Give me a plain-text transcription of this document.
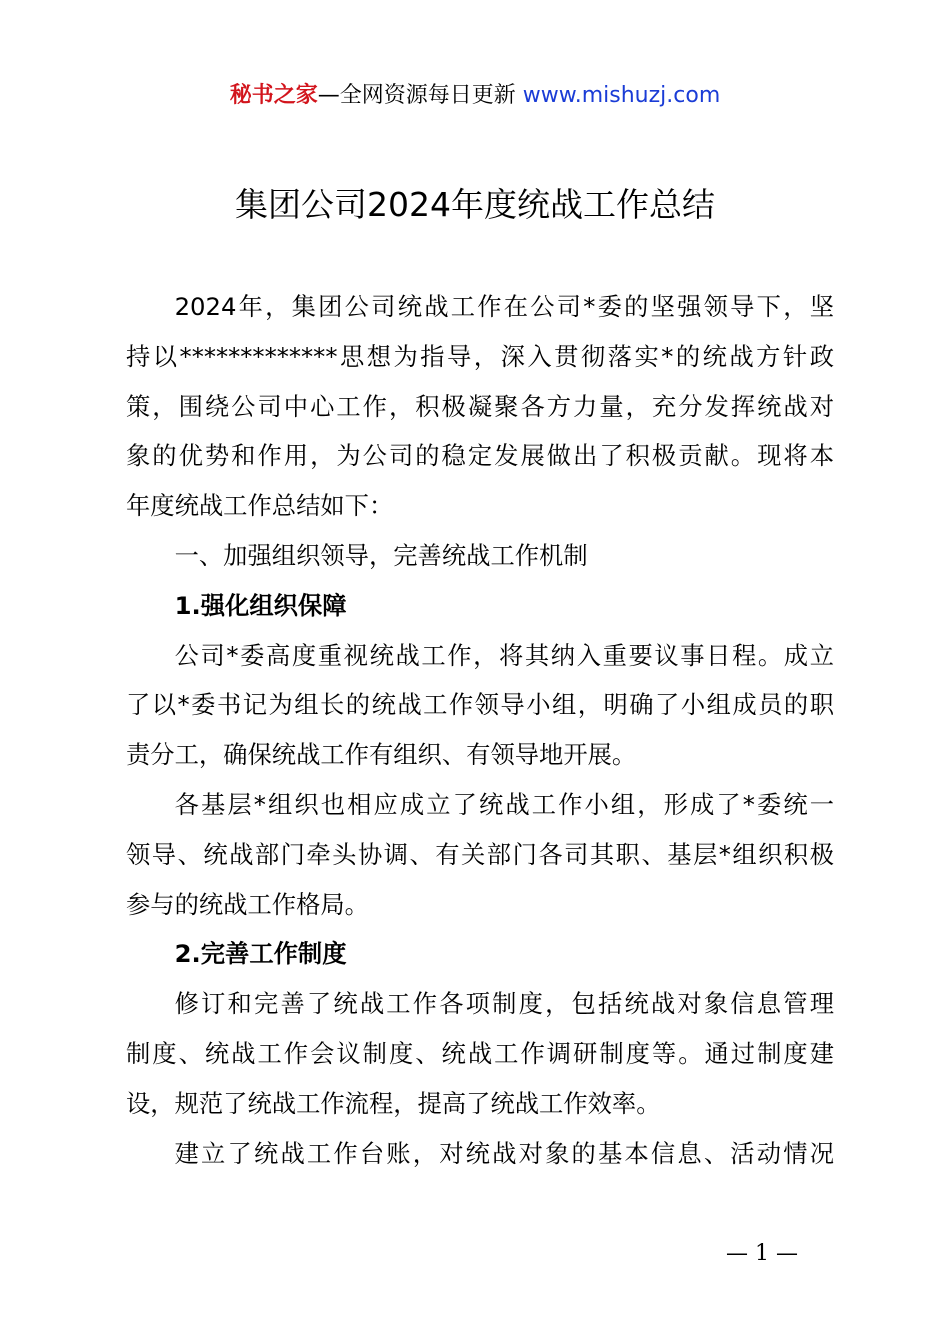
秘书之家—全网资源每日更新 www.mishuzj.com
集团公司2024年度统战工作总结

2024年，集团公司统战工作在公司*委的坚强领导下，坚
持以*************思想为指导，深入贯彻落实*的统战方针政
策，围绕公司中心工作，积极凝聚各方力量，充分发挥统战对
象的优势和作用，为公司的稳定发展做出了积极贡献。现将本
年度统战工作总结如下：

一、加强组织领导，完善统战工作机制

1.强化组织保障

公司*委高度重视统战工作，将其纳入重要议事日程。成立
了以*委书记为组长的统战工作领导小组，明确了小组成员的职
责分工，确保统战工作有组织、有领导地开展。

各基层*组织也相应成立了统战工作小组，形成了*委统一
领导、统战部门牵头协调、有关部门各司其职、基层*组织积极
参与的统战工作格局。

2.完善工作制度

修订和完善了统战工作各项制度，包括统战对象信息管理
制度、统战工作会议制度、统战工作调研制度等。通过制度建
设，规范了统战工作流程，提高了统战工作效率。

建立了统战工作台账，对统战对象的基本信息、活动情况

— 1 —
